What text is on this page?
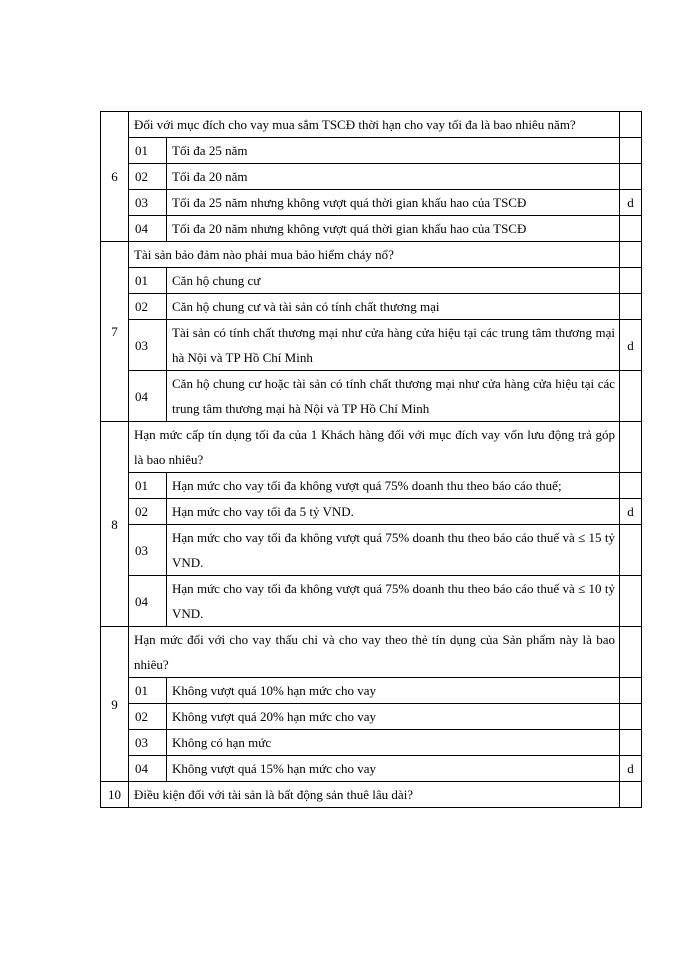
6	Đối với mục đích cho vay mua sắm TSCĐ thời hạn cho vay tối đa là bao nhiêu năm?		
	01	Tối đa 25 năm	
	02	Tối đa 20 năm	
	03	Tối đa 25 năm nhưng không vượt quá thời gian khấu hao của TSCĐ	d
	04	Tối đa 20 năm nhưng không vượt quá thời gian khấu hao của TSCĐ	
7	Tài sản bảo đảm nào phải mua bảo hiểm cháy nổ?		
	01	Căn hộ chung cư	
	02	Căn hộ chung cư và tài sản có tính chất thương mại	
	03	Tài sản có tính chất thương mại như cửa hàng cửa hiệu tại các trung tâm thương mại hà Nội và TP Hồ Chí Minh	d
	04	Căn hộ chung cư hoặc tài sản có tính chất thương mại như cửa hàng cửa hiệu tại các trung tâm thương mại hà Nội và TP Hồ Chí Minh	
8	Hạn mức cấp tín dụng tối đa của 1 Khách hàng đối với mục đích vay vốn lưu động trả góp là bao nhiêu?		
	01	Hạn mức cho vay tối đa không vượt quá 75% doanh thu theo báo cáo thuế;	
	02	Hạn mức cho vay tối đa 5 tỷ VND.	d
	03	Hạn mức cho vay tối đa không vượt quá 75% doanh thu theo báo cáo thuế và ≤ 15 tỷ VND.	
	04	Hạn mức cho vay tối đa không vượt quá 75% doanh thu theo báo cáo thuế và ≤ 10 tỷ VND.	
9	Hạn mức đối với cho vay thấu chi và cho vay theo thẻ tín dụng của Sản phẩm này là bao nhiêu?		
	01	Không vượt quá 10% hạn mức cho vay	
	02	Không vượt quá 20% hạn mức cho vay	
	03	Không có hạn mức	
	04	Không vượt quá 15% hạn mức cho vay	d
10	Điều kiện đối với tài sản là bất động sản thuê lâu dài?		
